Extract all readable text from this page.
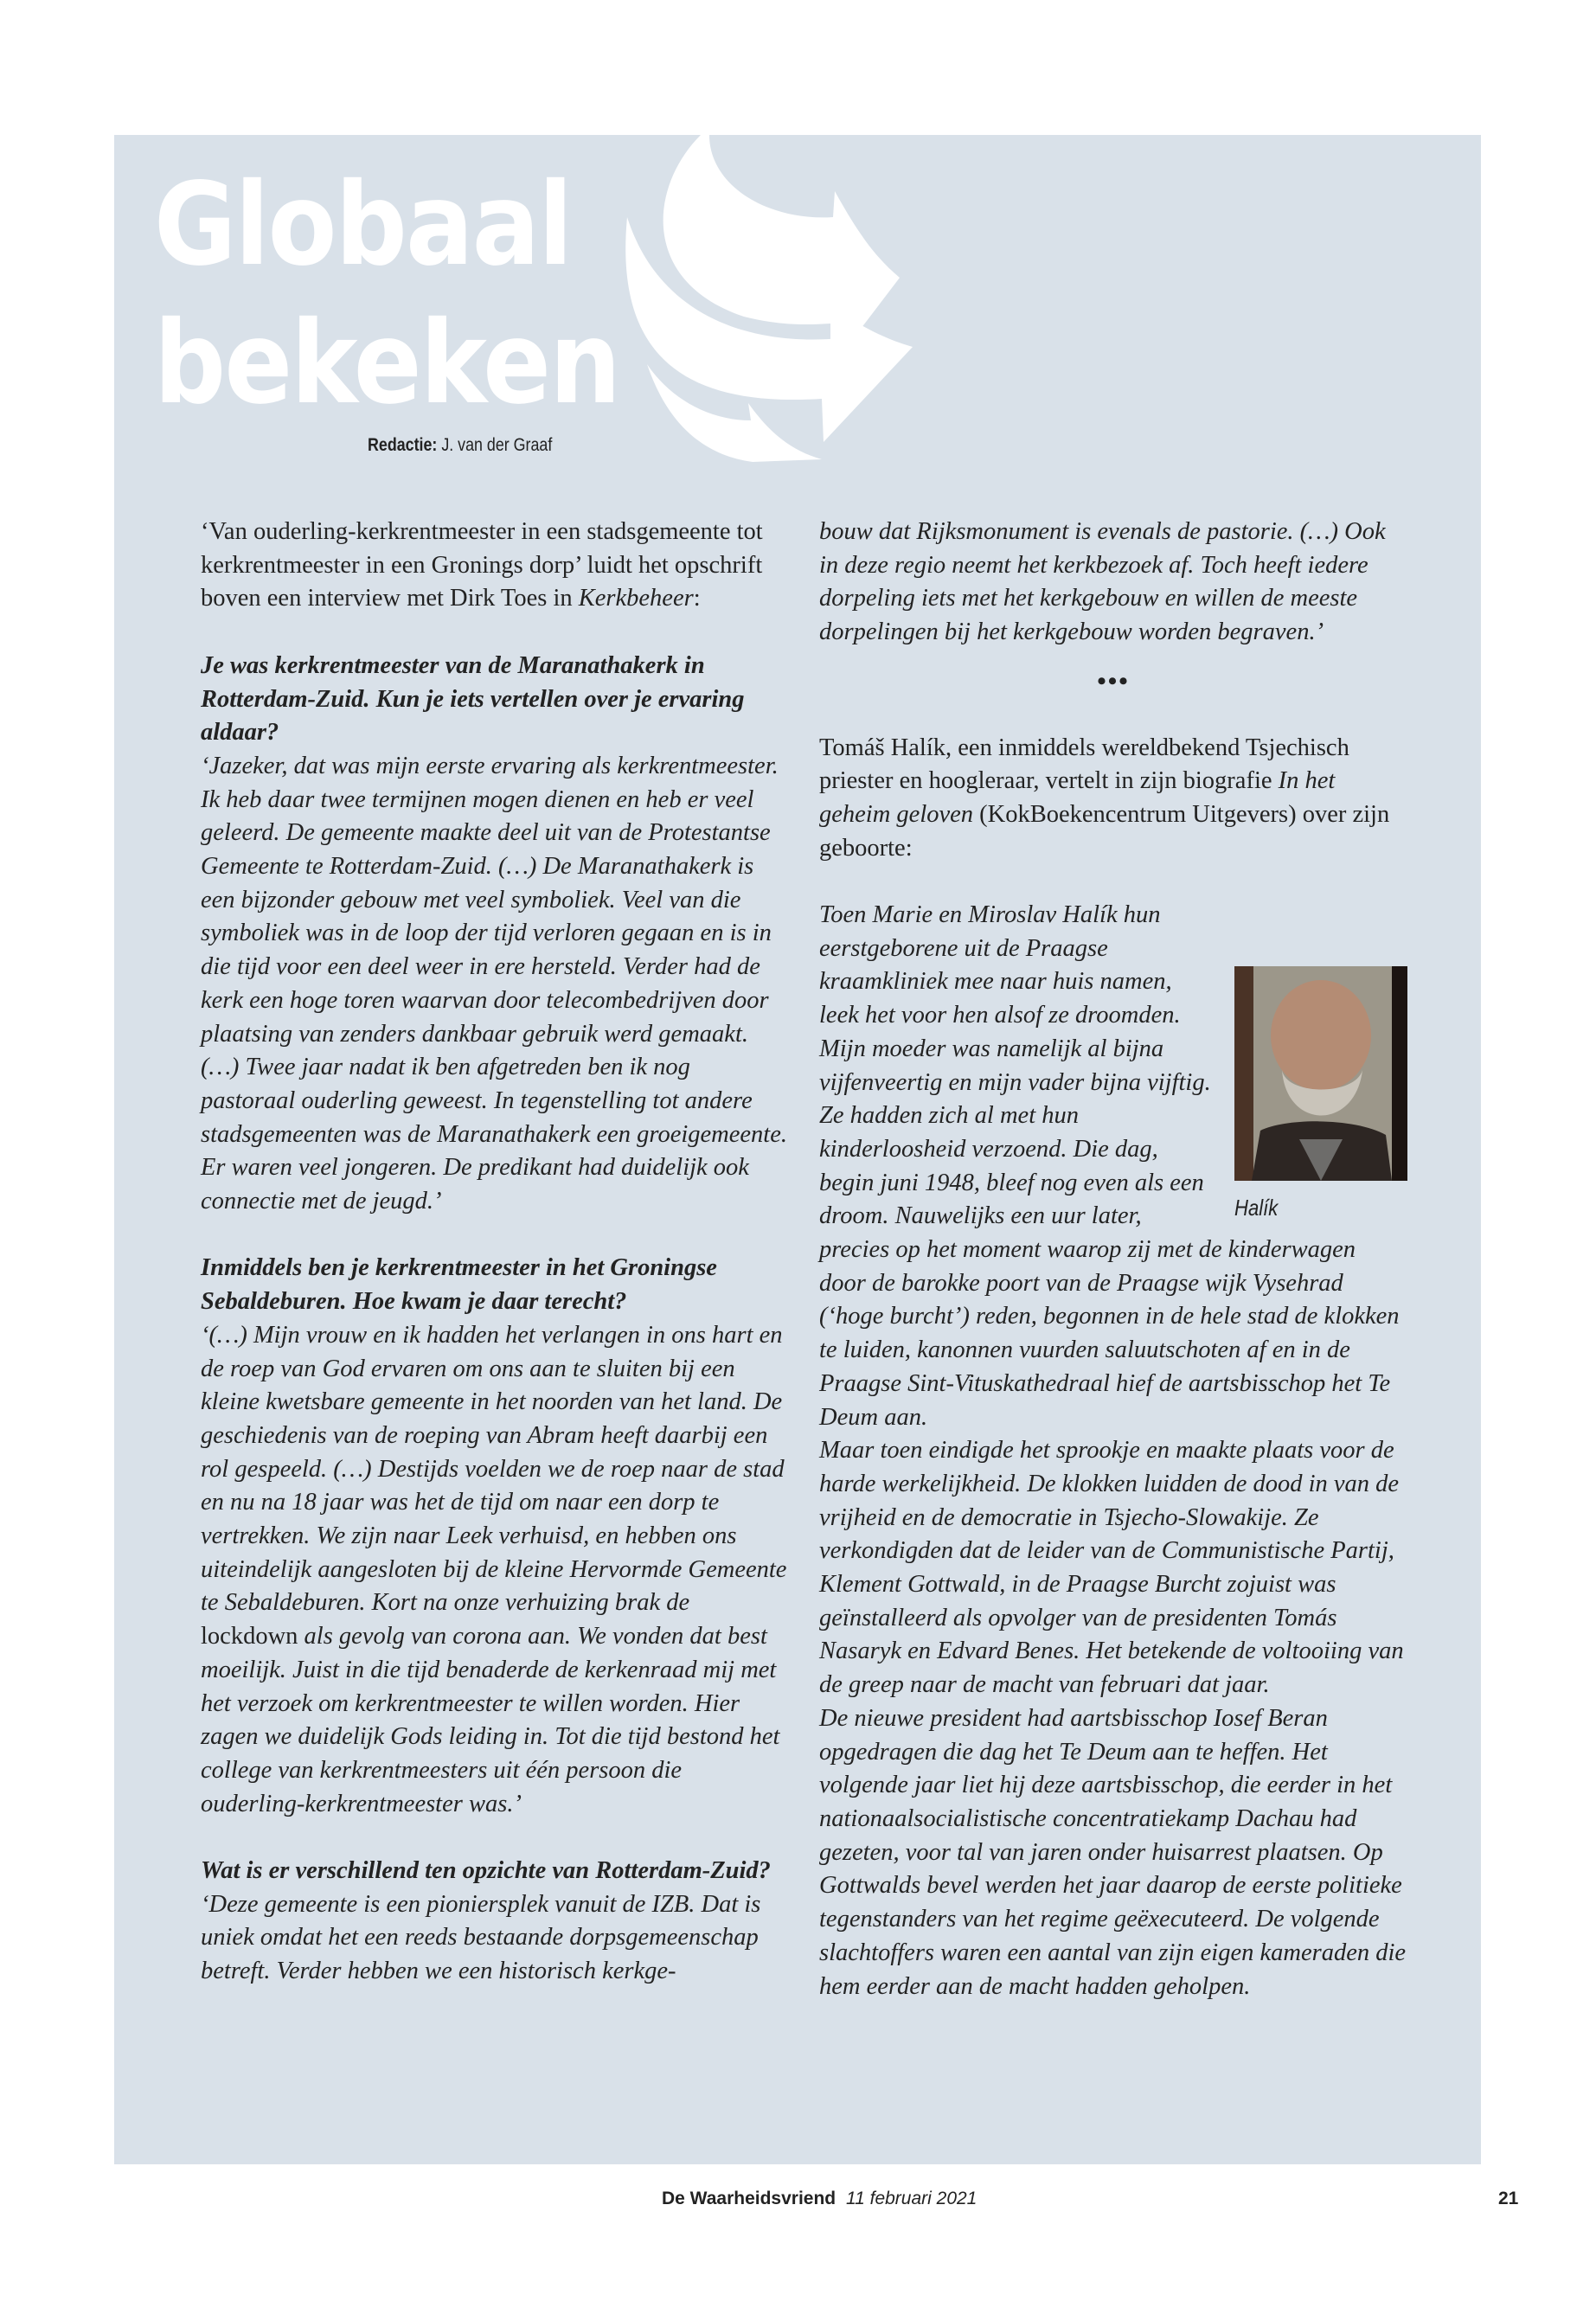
Globaal
bekeken
Redactie: J. van der Graaf

‘Van ouderling-kerkrentmeester in een stadsgemeente tot kerkrentmeester in een Gronings dorp’ luidt het opschrift boven een interview met Dirk Toes in Kerkbeheer:

Je was kerkrentmeester van de Maranathakerk in Rotterdam-Zuid. Kun je iets vertellen over je ervaring aldaar?

‘Jazeker, dat was mijn eerste ervaring als kerkrentmeester. Ik heb daar twee termijnen mogen dienen en heb er veel geleerd. De gemeente maakte deel uit van de Protestantse Gemeente te Rotterdam-Zuid. (…) De Maranathakerk is een bijzonder gebouw met veel symboliek. Veel van die symboliek was in de loop der tijd verloren gegaan en is in die tijd voor een deel weer in ere hersteld. Verder had de kerk een hoge toren waarvan door telecombedrijven door plaatsing van zenders dankbaar gebruik werd gemaakt. (…) Twee jaar nadat ik ben afgetreden ben ik nog pastoraal ouderling geweest. In tegenstelling tot andere stadsgemeenten was de Maranathakerk een groeigemeente. Er waren veel jongeren. De predikant had duidelijk ook connectie met de jeugd.’

Inmiddels ben je kerkrentmeester in het Groningse Sebaldeburen. Hoe kwam je daar terecht?

‘(…) Mijn vrouw en ik hadden het verlangen in ons hart en de roep van God ervaren om ons aan te sluiten bij een kleine kwetsbare gemeente in het noorden van het land. De geschiedenis van de roeping van Abram heeft daarbij een rol gespeeld. (…) Destijds voelden we de roep naar de stad en nu na 18 jaar was het de tijd om naar een dorp te vertrekken. We zijn naar Leek verhuisd, en hebben ons uiteindelijk aangesloten bij de kleine Hervormde Gemeente te Sebaldeburen. Kort na onze verhuizing brak de lockdown als gevolg van corona aan. We vonden dat best moeilijk. Juist in die tijd benaderde de kerkenraad mij met het verzoek om kerkrentmeester te willen worden. Hier zagen we duidelijk Gods leiding in. Tot die tijd bestond het college van kerkrentmeesters uit één persoon die ouderling-kerkrentmeester was.’

Wat is er verschillend ten opzichte van Rotterdam-Zuid?

‘Deze gemeente is een pioniersplek vanuit de IZB. Dat is uniek omdat het een reeds bestaande dorpsgemeenschap betreft. Verder hebben we een historisch kerkge-

bouw dat Rijksmonument is evenals de pastorie. (…) Ook in deze regio neemt het kerkbezoek af. Toch heeft iedere dorpeling iets met het kerkgebouw en willen de meeste dorpelingen bij het kerkgebouw worden begraven.’

•••

Tomáš Halík, een inmiddels wereldbekend Tsjechisch priester en hoogleraar, vertelt in zijn biografie In het geheim geloven (KokBoekencentrum Uitgevers) over zijn geboorte:

Halík
Toen Marie en Miroslav Halík hun eerstgeborene uit de Praagse kraamkliniek mee naar huis namen, leek het voor hen alsof ze droomden. Mijn moeder was namelijk al bijna vijfenveertig en mijn vader bijna vijftig. Ze hadden zich al met hun kinderloosheid verzoend. Die dag, begin juni 1948, bleef nog even als een droom. Nauwelijks een uur later, precies op het moment waarop zij met de kinderwagen door de barokke poort van de Praagse wijk Vysehrad (‘hoge burcht’) reden, begonnen in de hele stad de klokken te luiden, kanonnen vuurden saluutschoten af en in de Praagse Sint-Vituskathedraal hief de aartsbisschop het Te Deum aan.

Maar toen eindigde het sprookje en maakte plaats voor de harde werkelijkheid. De klokken luidden de dood in van de vrijheid en de democratie in Tsjecho-Slowakije. Ze verkondigden dat de leider van de Communistische Partij, Klement Gottwald, in de Praagse Burcht zojuist was geïnstalleerd als opvolger van de presidenten Tomás Nasaryk en Edvard Benes. Het betekende de voltooiing van de greep naar de macht van februari dat jaar.

De nieuwe president had aartsbisschop Iosef Beran opgedragen die dag het Te Deum aan te heffen. Het volgende jaar liet hij deze aartsbisschop, die eerder in het nationaalsocialistische concentratiekamp Dachau had gezeten, voor tal van jaren onder huisarrest plaatsen. Op Gottwalds bevel werden het jaar daarop de eerste politieke tegenstanders van het regime geëxecuteerd. De volgende slachtoffers waren een aantal van zijn eigen kameraden die hem eerder aan de macht hadden geholpen.

De Waarheidsvriend 11 februari 2021	21
